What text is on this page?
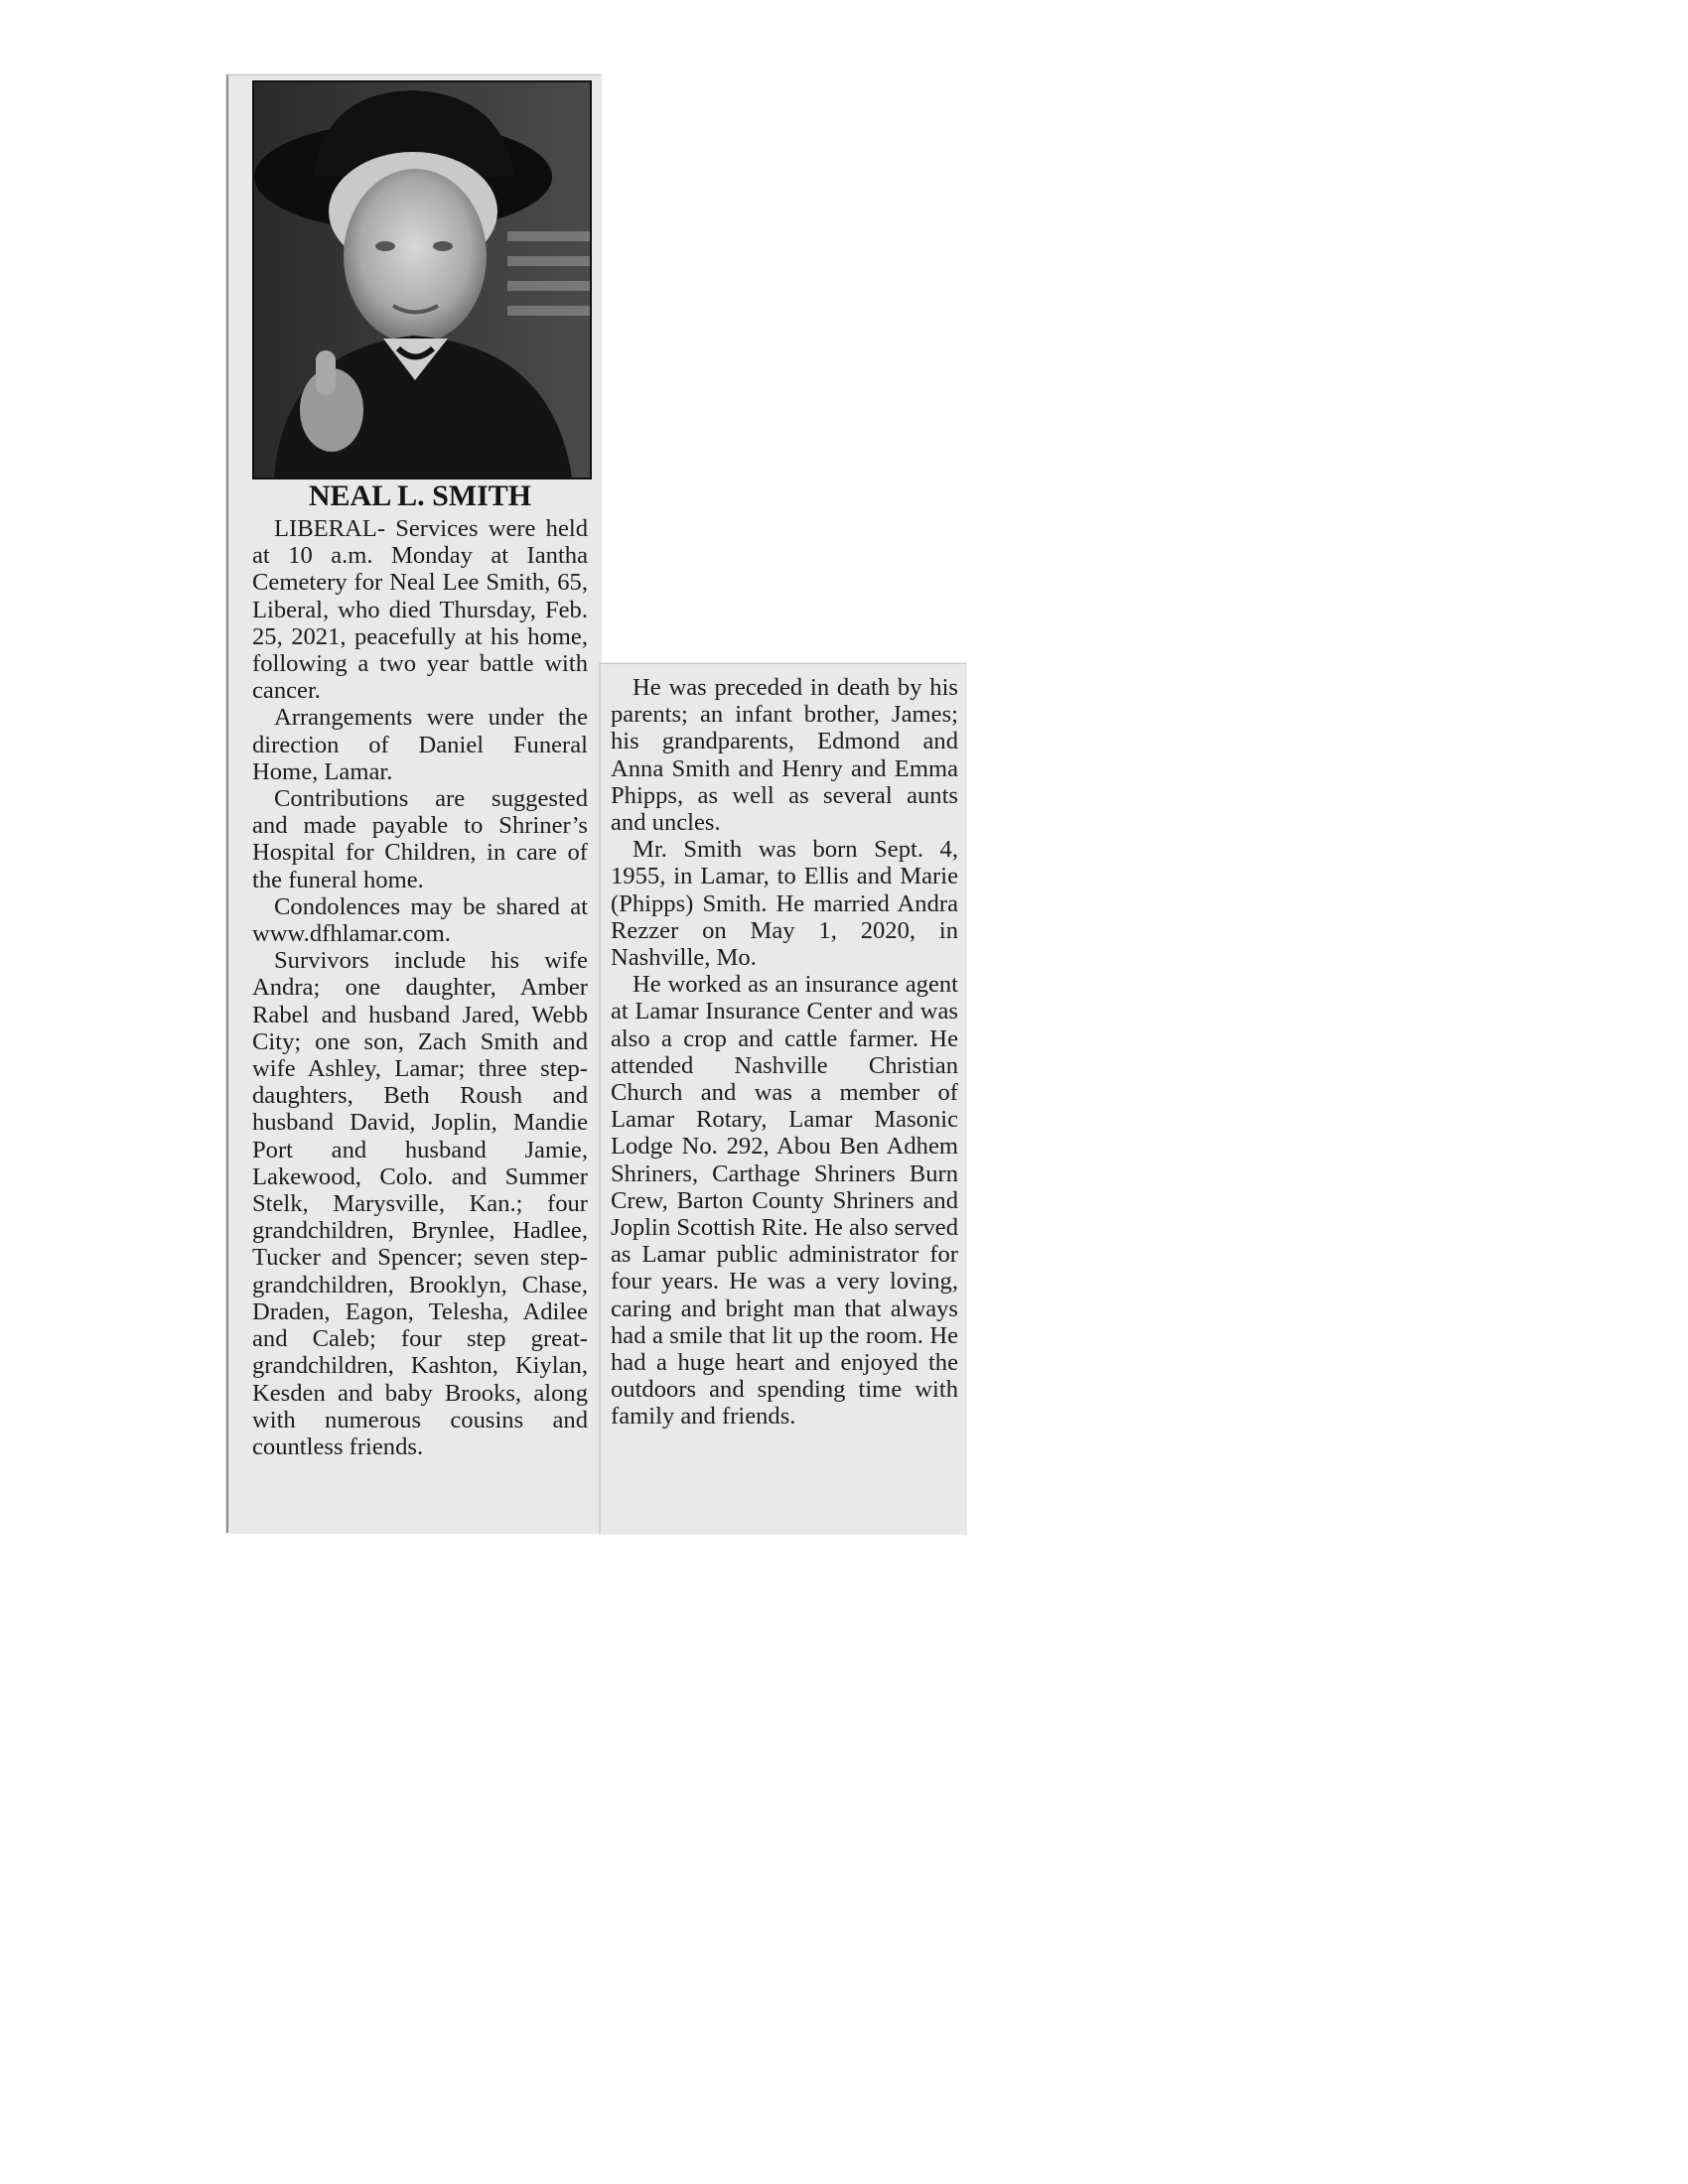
NEAL L. SMITH

LIBERAL- Services were held at 10 a.m. Monday at Iantha Cemetery for Neal Lee Smith, 65, Liberal, who died Thursday, Feb. 25, 2021, peacefully at his home, following a two year battle with cancer.

Arrangements were under the direction of Daniel Funeral Home, Lamar.

Contributions are suggested and made payable to Shriner’s Hospital for Children, in care of the funeral home.

Condolences may be shared at www.dfhlamar.com.

Survivors include his wife Andra; one daughter, Amber Rabel and husband Jared, Webb City; one son, Zach Smith and wife Ashley, Lamar; three step-daughters, Beth Roush and husband David, Joplin, Mandie Port and husband Jamie, Lakewood, Colo. and Summer Stelk, Marysville, Kan.; four grandchildren, Brynlee, Hadlee, Tucker and Spencer; seven step-grandchildren, Brooklyn, Chase, Draden, Eagon, Telesha, Adilee and Caleb; four step great-grandchildren, Kashton, Kiylan, Kesden and baby Brooks, along with numerous cousins and countless friends.

He was preceded in death by his parents; an infant brother, James; his grandparents, Edmond and Anna Smith and Henry and Emma Phipps, as well as several aunts and uncles.

Mr. Smith was born Sept. 4, 1955, in Lamar, to Ellis and Marie (Phipps) Smith. He married Andra Rezzer on May 1, 2020, in Nashville, Mo.

He worked as an insurance agent at Lamar Insurance Center and was also a crop and cattle farmer. He attended Nashville Christian Church and was a member of Lamar Rotary, Lamar Masonic Lodge No. 292, Abou Ben Adhem Shriners, Carthage Shriners Burn Crew, Barton County Shriners and Joplin Scottish Rite. He also served as Lamar public administrator for four years. He was a very loving, caring and bright man that always had a smile that lit up the room. He had a huge heart and enjoyed the outdoors and spending time with family and friends.
